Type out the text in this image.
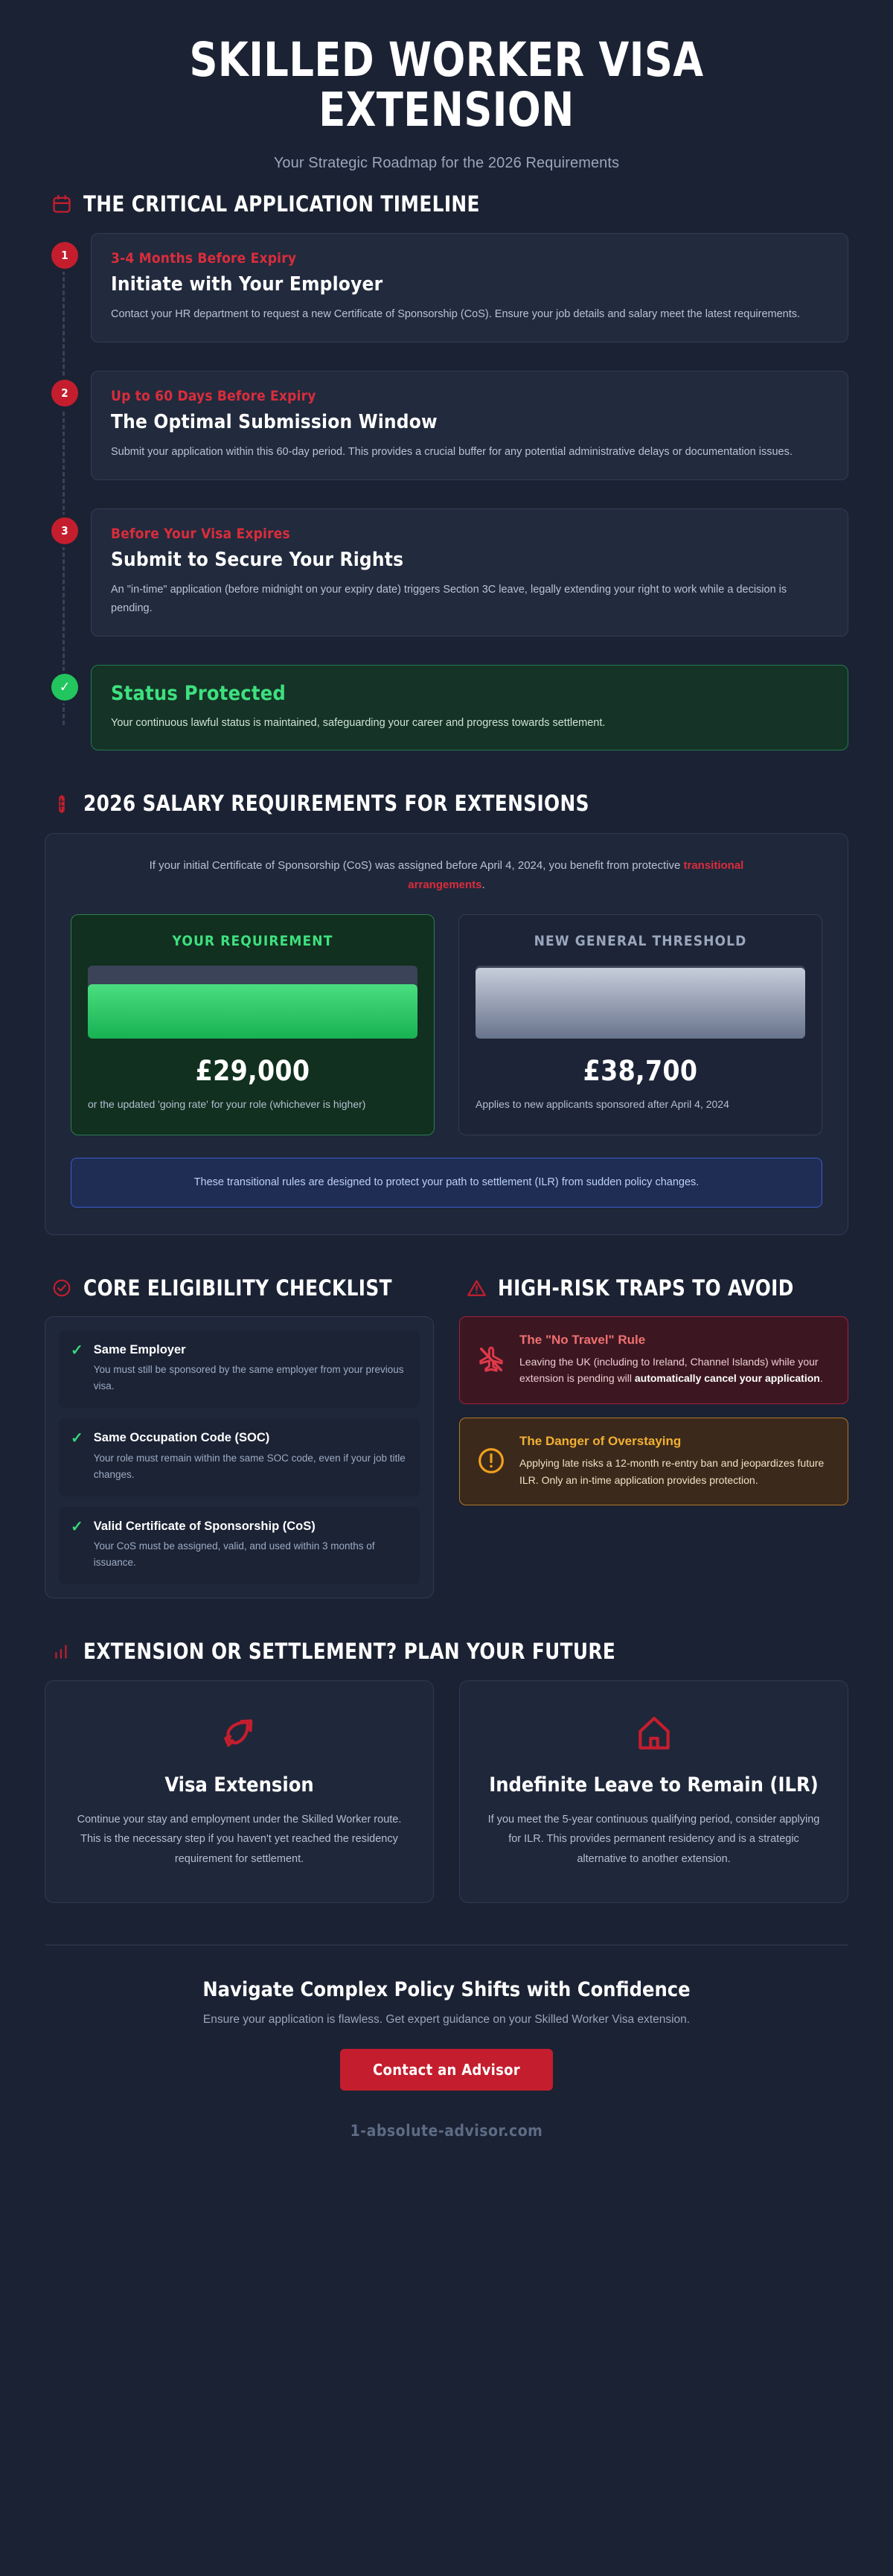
SKILLED WORKER VISA EXTENSION
Your Strategic Roadmap for the 2026 Requirements
THE CRITICAL APPLICATION TIMELINE
1	3-4 Months Before Expiry
Initiate with Your Employer

Contact your HR department to request a new Certificate of Sponsorship (CoS). Ensure your job details and salary meet the latest requirements.

2	Up to 60 Days Before Expiry
The Optimal Submission Window

Submit your application within this 60-day period. This provides a crucial buffer for any potential administrative delays or documentation issues.

3	Before Your Visa Expires
Submit to Secure Your Rights

An "in-time" application (before midnight on your expiry date) triggers Section 3C leave, legally extending your right to work while a decision is pending.

✓	Status Protected

Your continuous lawful status is maintained, safeguarding your career and progress towards settlement.

2026 SALARY REQUIREMENTS FOR EXTENSIONS

If your initial Certificate of Sponsorship (CoS) was assigned before April 4, 2024, you benefit from protective transitional arrangements.

YOUR REQUIREMENT
£29,000
or the updated 'going rate' for your role (whichever is higher)
NEW GENERAL THRESHOLD
£38,700
Applies to new applicants sponsored after April 4, 2024
These transitional rules are designed to protect your path to settlement (ILR) from sudden policy changes.
CORE ELIGIBILITY CHECKLIST
✓ Same Employer

You must still be sponsored by the same employer from your previous visa.

✓ Same Occupation Code (SOC)

Your role must remain within the same SOC code, even if your job title changes.

✓ Valid Certificate of Sponsorship (CoS)

Your CoS must be assigned, valid, and used within 3 months of issuance.

HIGH-RISK TRAPS TO AVOID
The "No Travel" Rule

Leaving the UK (including to Ireland, Channel Islands) while your extension is pending will automatically cancel your application.

The Danger of Overstaying

Applying late risks a 12-month re-entry ban and jeopardizes future ILR. Only an in-time application provides protection.

EXTENSION OR SETTLEMENT? PLAN YOUR FUTURE
Visa Extension

Continue your stay and employment under the Skilled Worker route. This is the necessary step if you haven't yet reached the residency requirement for settlement.

Indefinite Leave to Remain (ILR)

If you meet the 5-year continuous qualifying period, consider applying for ILR. This provides permanent residency and is a strategic alternative to another extension.

Navigate Complex Policy Shifts with Confidence
Ensure your application is flawless. Get expert guidance on your Skilled Worker Visa extension.
Contact an Advisor
1-absolute-advisor.com
